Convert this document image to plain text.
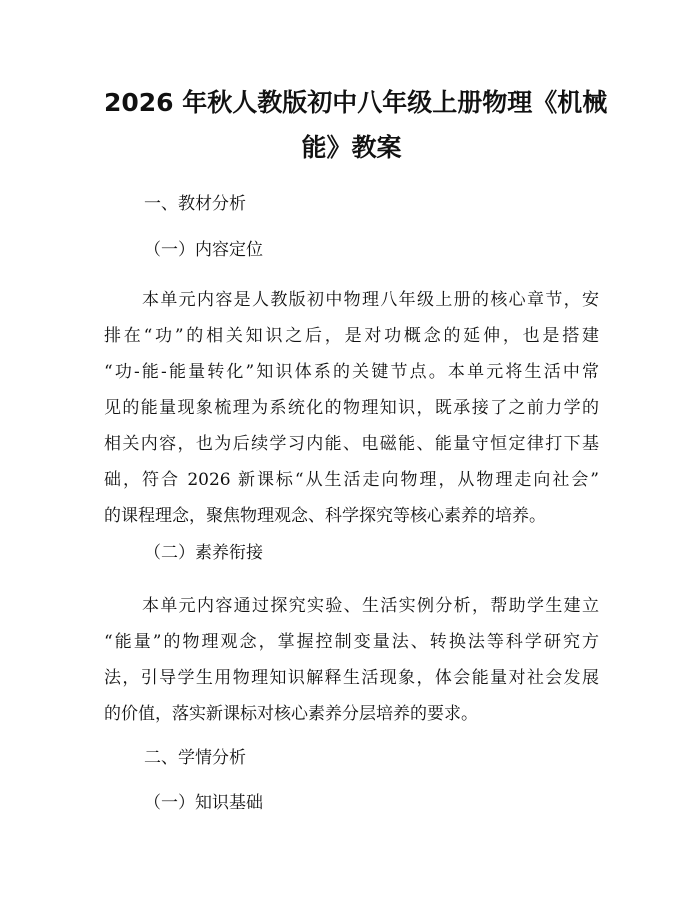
2026 年秋人教版初中八年级上册物理《机械
能》教案

一、教材分析

（一）内容定位

本单元内容是人教版初中物理八年级上册的核心章节，安
排在“功”的相关知识之后，是对功概念的延伸，也是搭建
“功-能-能量转化”知识体系的关键节点。本单元将生活中常
见的能量现象梳理为系统化的物理知识，既承接了之前力学的
相关内容，也为后续学习内能、电磁能、能量守恒定律打下基
础，符合 2026 新课标“从生活走向物理，从物理走向社会”
的课程理念，聚焦物理观念、科学探究等核心素养的培养。

（二）素养衔接

本单元内容通过探究实验、生活实例分析，帮助学生建立
“能量”的物理观念，掌握控制变量法、转换法等科学研究方
法，引导学生用物理知识解释生活现象，体会能量对社会发展
的价值，落实新课标对核心素养分层培养的要求。

二、学情分析

（一）知识基础
